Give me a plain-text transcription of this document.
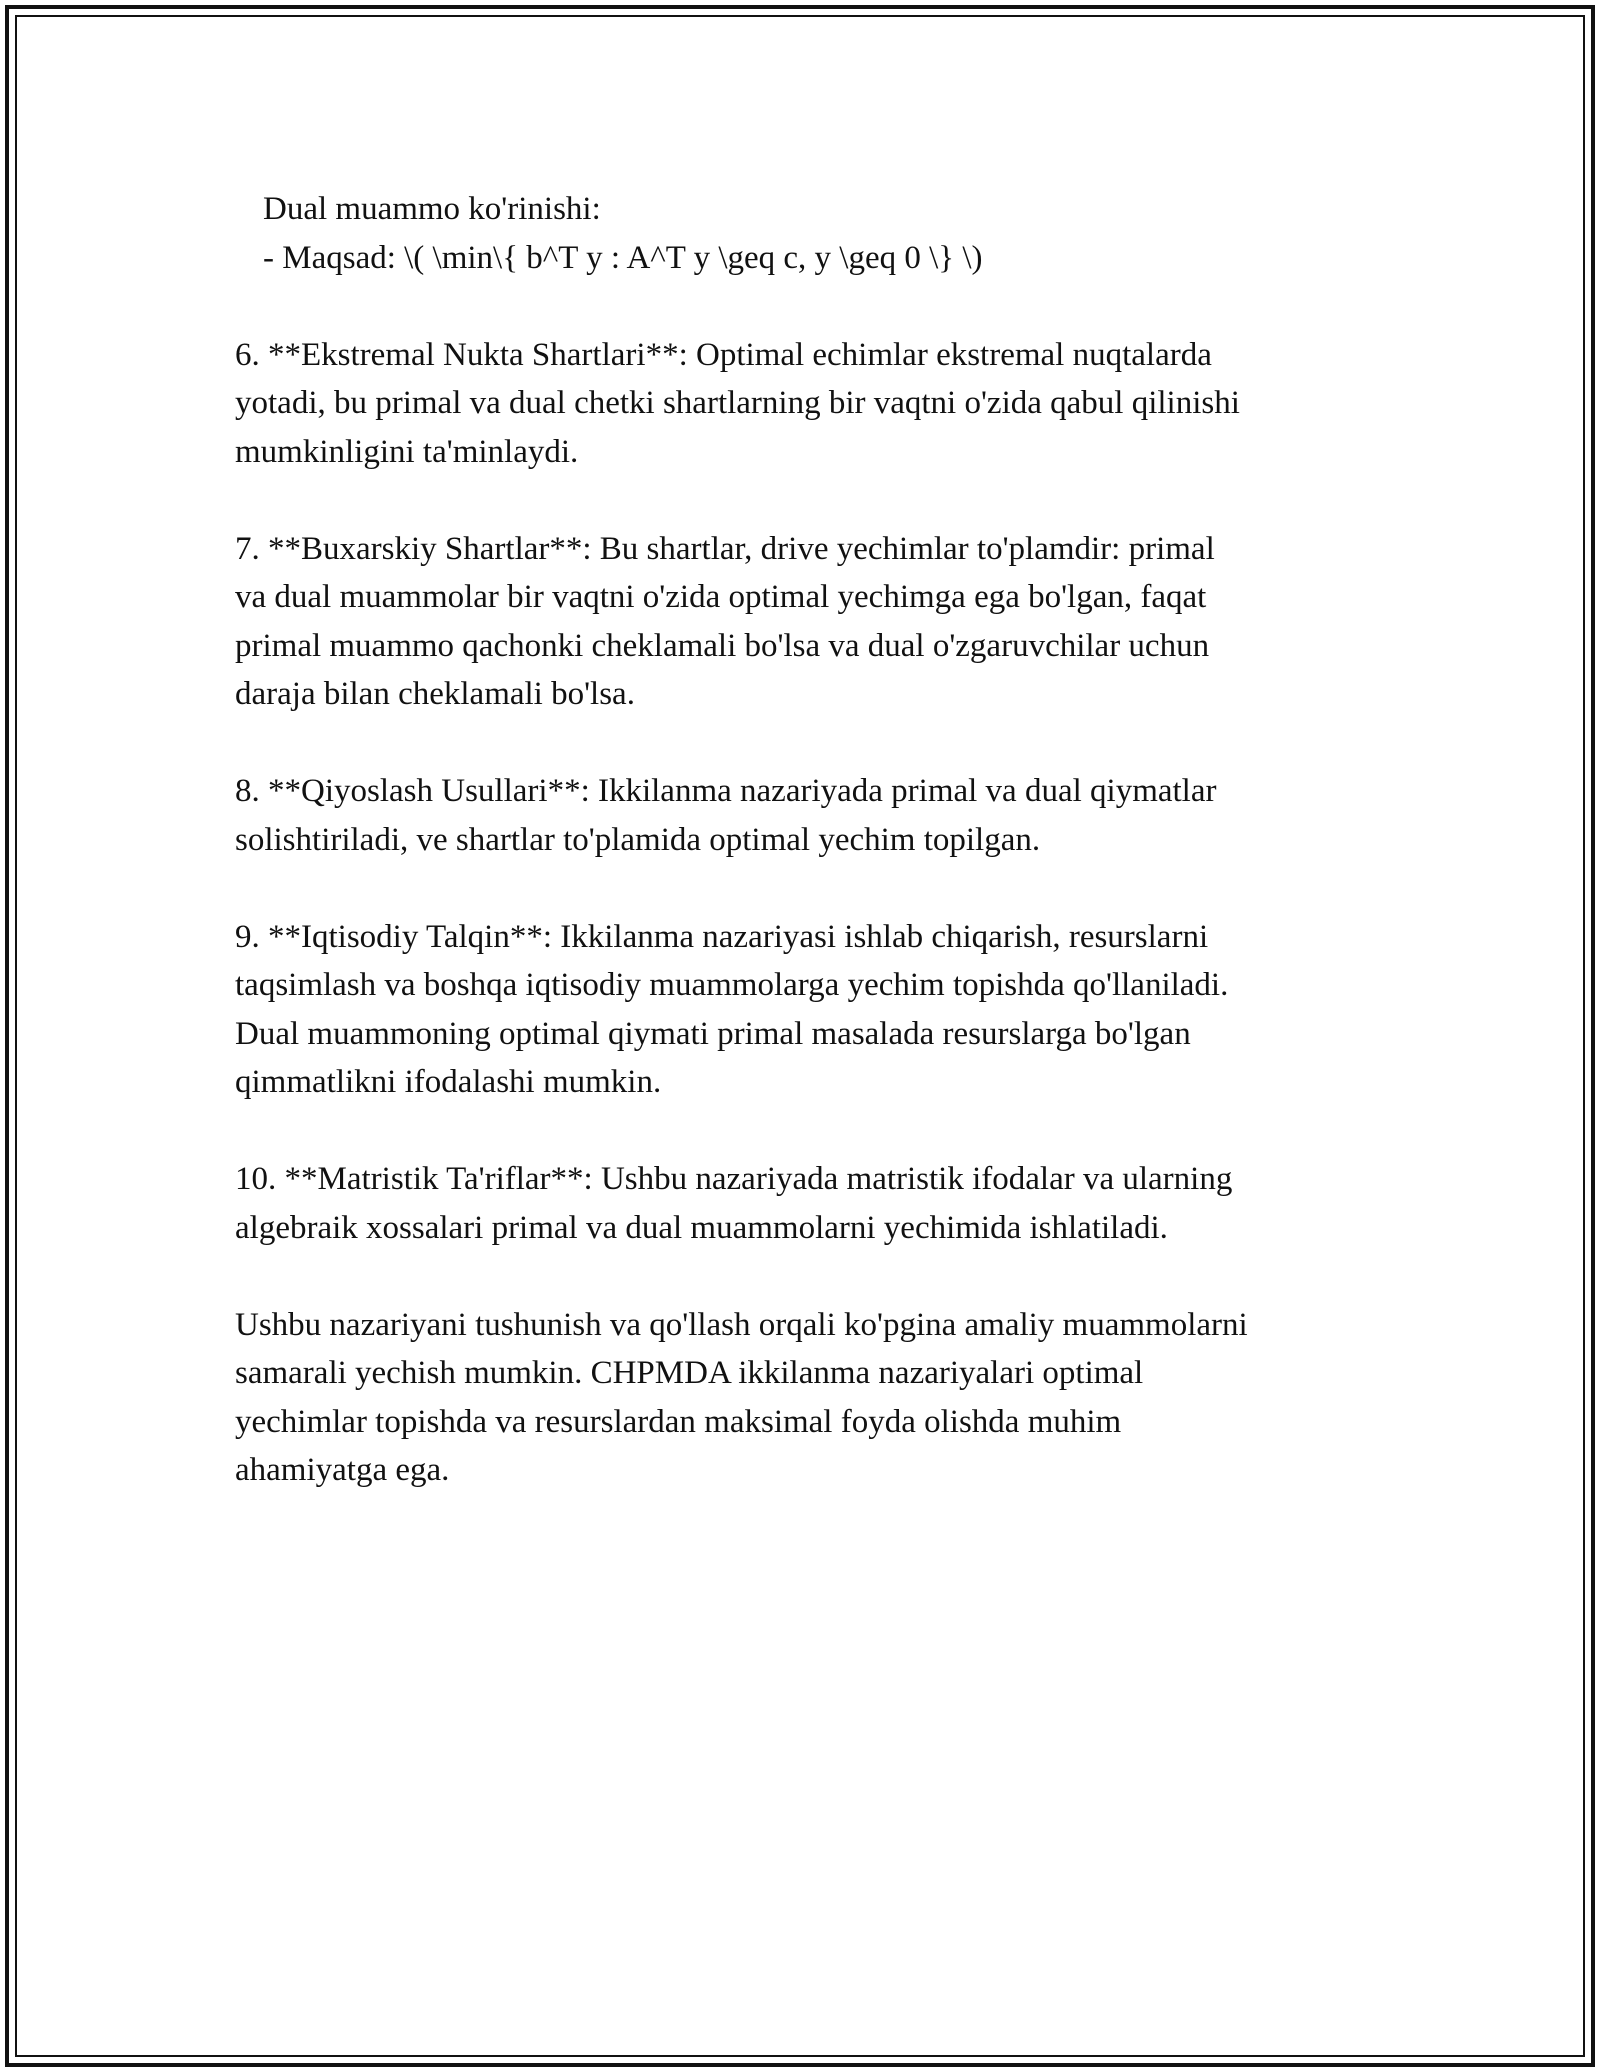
Dual muammo ko'rinishi:
- Maqsad: \( \min\{ b^T y : A^T y \geq c, y \geq 0 \} \)
6. **Ekstremal Nukta Shartlari**: Optimal echimlar ekstremal nuqtalarda
yotadi, bu primal va dual chetki shartlarning bir vaqtni o'zida qabul qilinishi
mumkinligini ta'minlaydi.
7. **Buxarskiy Shartlar**: Bu shartlar, drive yechimlar to'plamdir: primal
va dual muammolar bir vaqtni o'zida optimal yechimga ega bo'lgan, faqat
primal muammo qachonki cheklamali bo'lsa va dual o'zgaruvchilar uchun
daraja bilan cheklamali bo'lsa.
8. **Qiyoslash Usullari**: Ikkilanma nazariyada primal va dual qiymatlar
solishtiriladi, ve shartlar to'plamida optimal yechim topilgan.
9. **Iqtisodiy Talqin**: Ikkilanma nazariyasi ishlab chiqarish, resurslarni
taqsimlash va boshqa iqtisodiy muammolarga yechim topishda qo'llaniladi.
Dual muammoning optimal qiymati primal masalada resurslarga bo'lgan
qimmatlikni ifodalashi mumkin.
10. **Matristik Ta'riflar**: Ushbu nazariyada matristik ifodalar va ularning
algebraik xossalari primal va dual muammolarni yechimida ishlatiladi.
Ushbu nazariyani tushunish va qo'llash orqali ko'pgina amaliy muammolarni
samarali yechish mumkin. CHPMDA ikkilanma nazariyalari optimal
yechimlar topishda va resurslardan maksimal foyda olishda muhim
ahamiyatga ega.
